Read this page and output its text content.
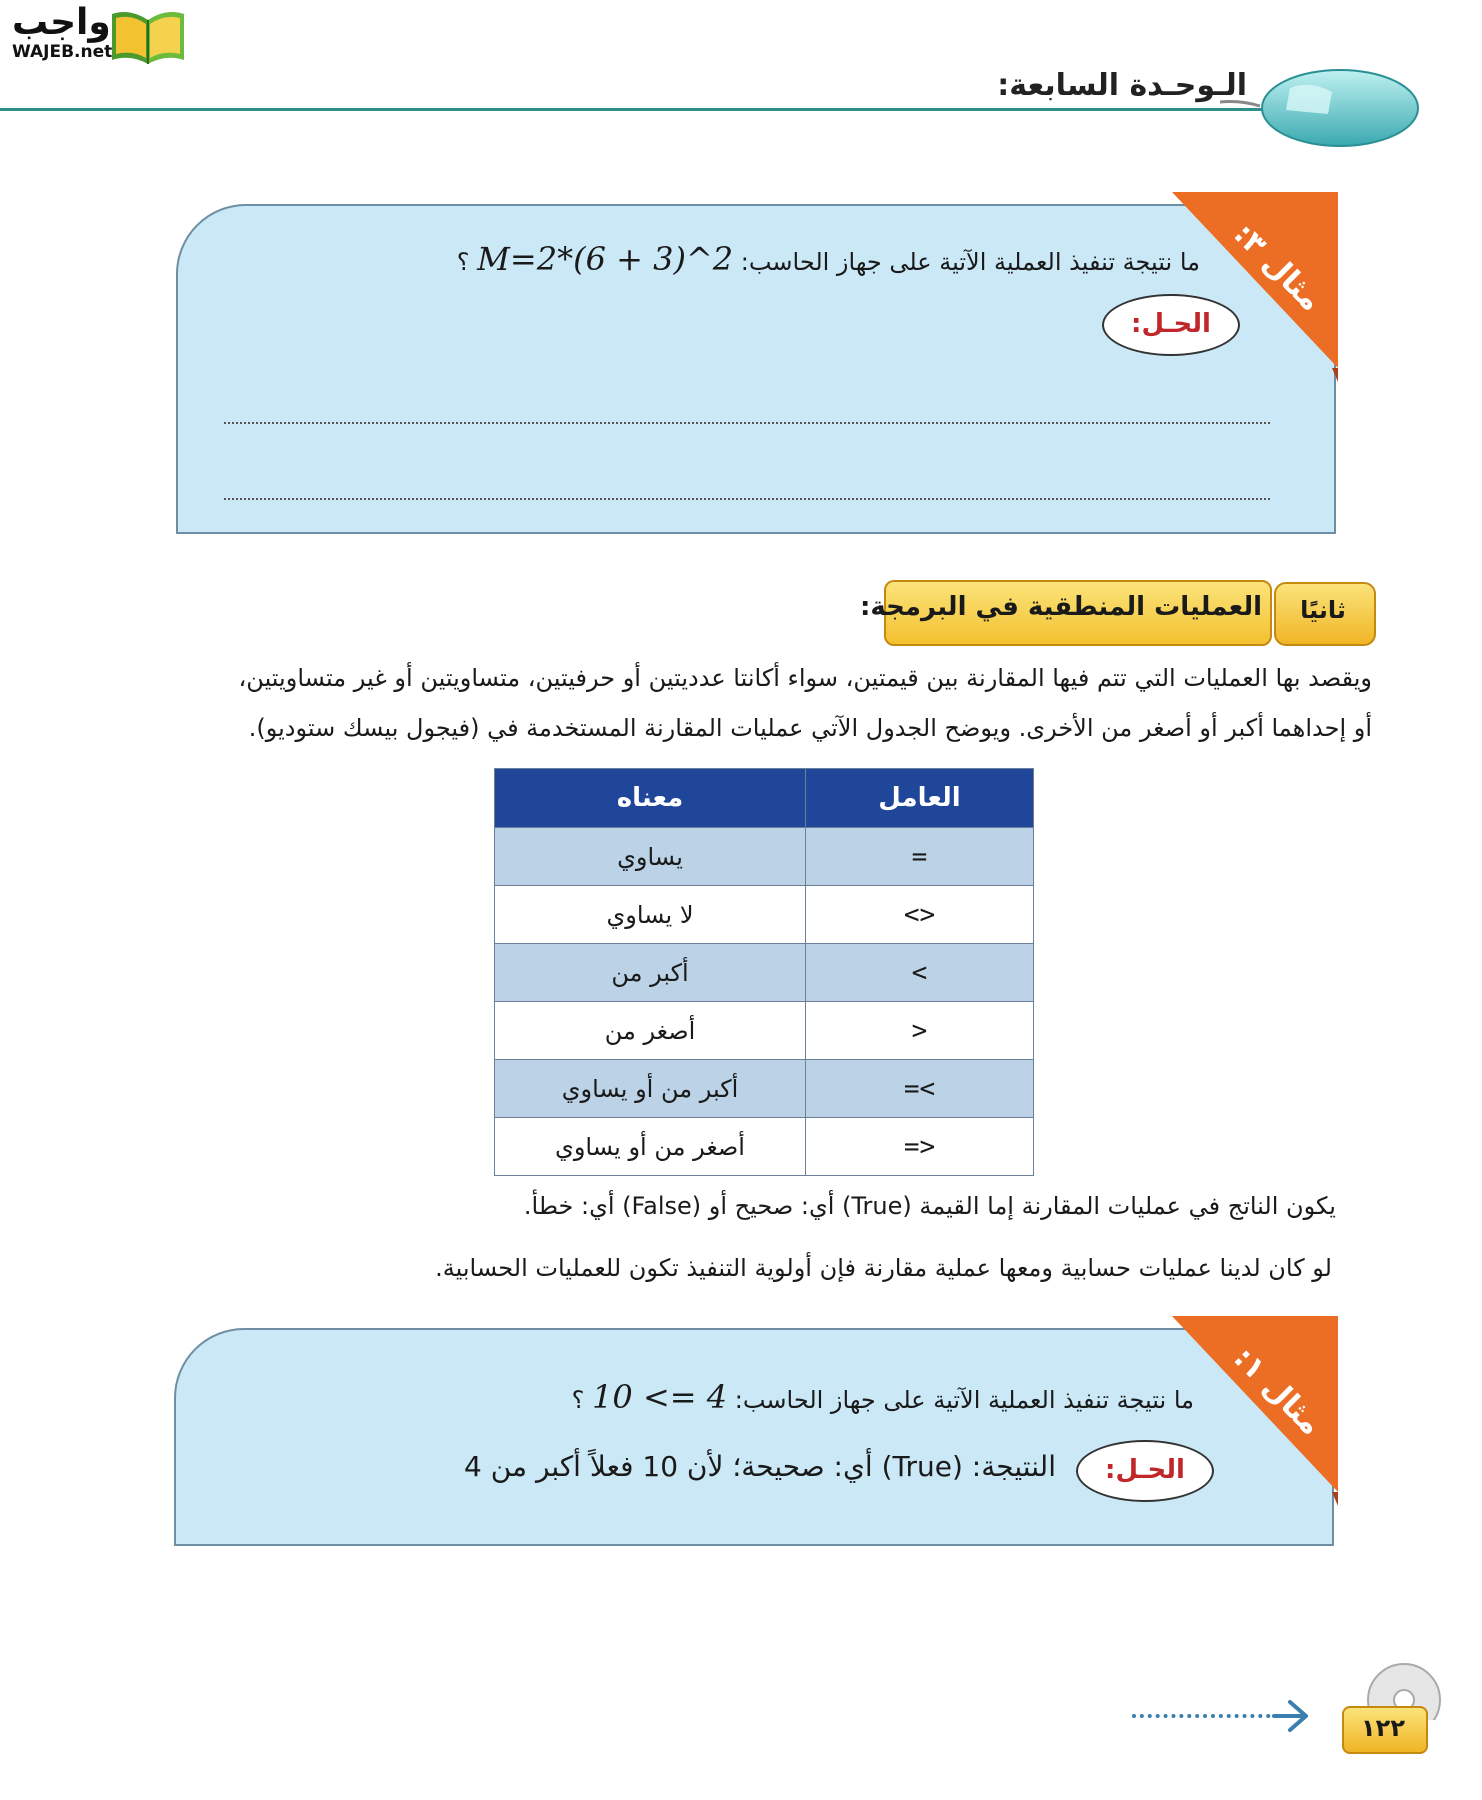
واجب
WAJEB.net
الـوحـدة السابعة:
مثال ٣:
ما نتيجة تنفيذ العملية الآتية على جهاز الحاسب: M=2*(6 + 3)^2 ؟
الحـل:
العمليات المنطقية في البرمجة:	ثانيًا
ويقصد بها العمليات التي تتم فيها المقارنة بين قيمتين، سواء أكانتا عدديتين أو حرفيتين، متساويتين أو غير متساويتين،
أو إحداهما أكبر أو أصغر من الأخرى. ويوضح الجدول الآتي عمليات المقارنة المستخدمة في (فيجول بيسك ستوديو).
العامل	معناه
=	يساوي
<>	لا يساوي
>	أكبر من
<	أصغر من
>=	أكبر من أو يساوي
<=	أصغر من أو يساوي
يكون الناتج في عمليات المقارنة إما القيمة (True) أي: صحيح أو (False) أي: خطأ.
لو كان لدينا عمليات حسابية ومعها عملية مقارنة فإن أولوية التنفيذ تكون للعمليات الحسابية.
مثال ١:
ما نتيجة تنفيذ العملية الآتية على جهاز الحاسب: 4 => 10 ؟
الحـل:
النتيجة: (True) أي: صحيحة؛ لأن 10 فعلاً أكبر من 4
١٢٢
